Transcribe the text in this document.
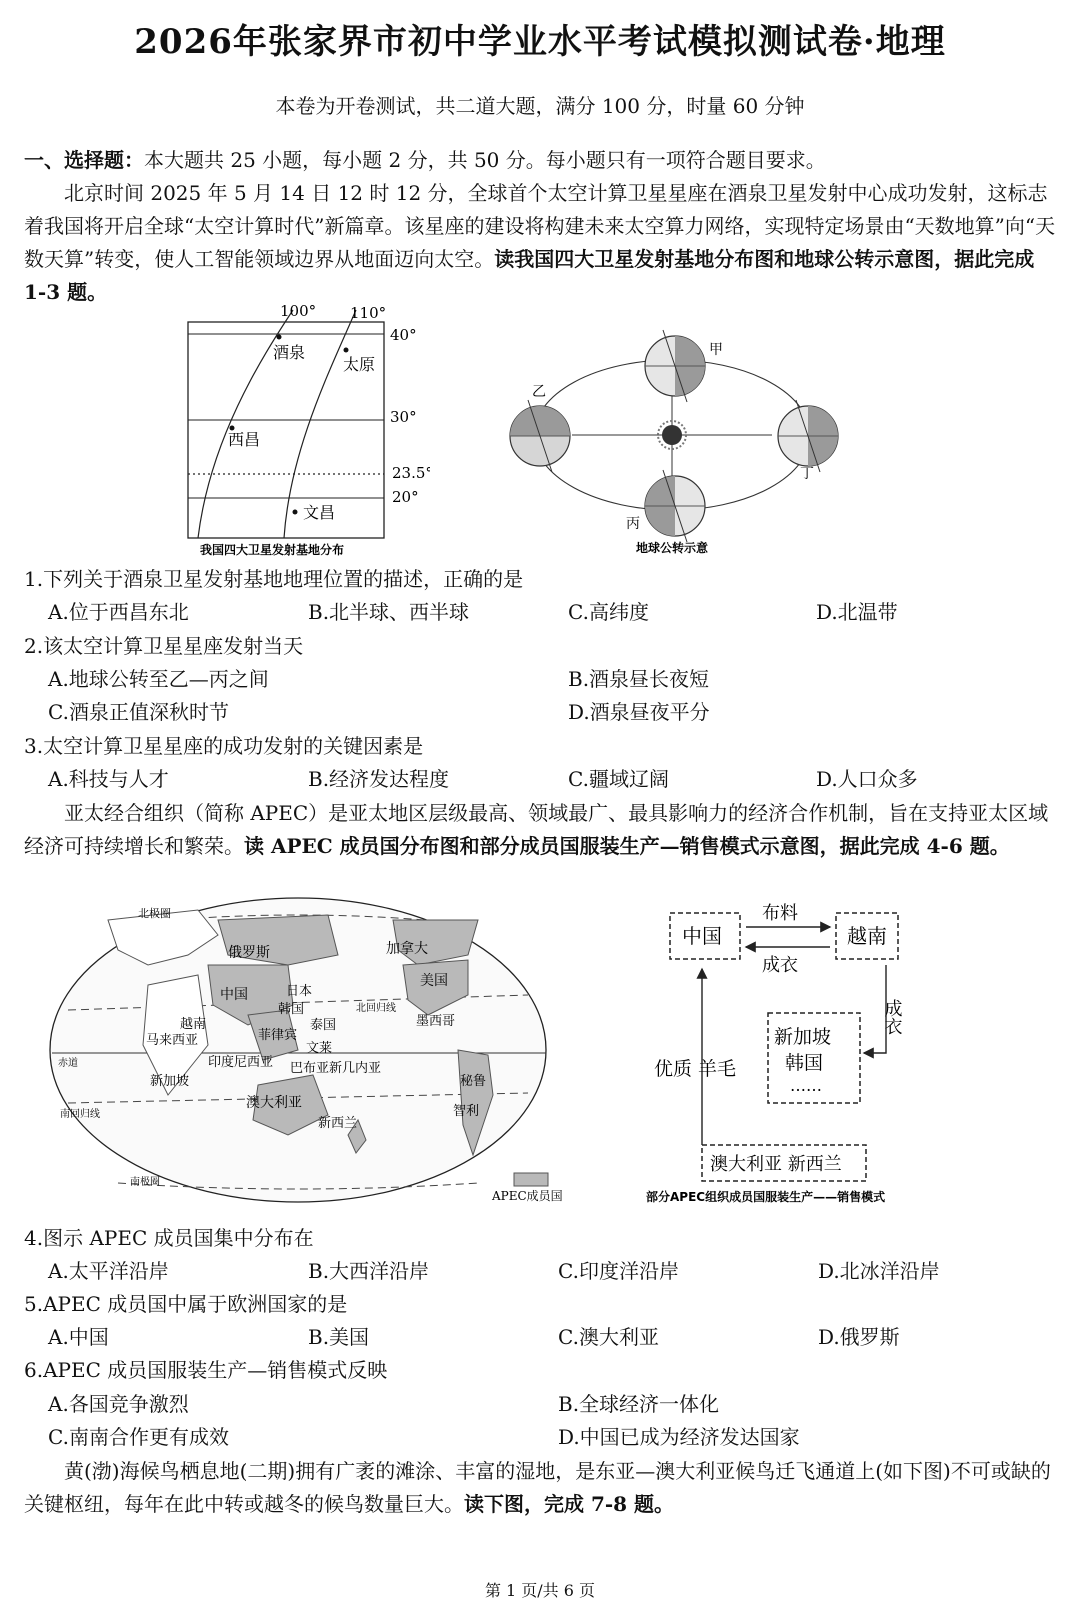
2026年张家界市初中学业水平考试模拟测试卷·地理
本卷为开卷测试，共二道大题，满分 100 分，时量 60 分钟
一、选择题：本大题共 25 小题，每小题 2 分，共 50 分。每小题只有一项符合题目要求。
北京时间 2025 年 5 月 14 日 12 时 12 分，全球首个太空计算卫星星座在酒泉卫星发射中心成功发射，这标志着我国将开启全球“太空计算时代”新篇章。该星座的建设将构建未来太空算力网络，实现特定场景由“天数地算”向“天数天算”转变，使人工智能领域边界从地面迈向太空。读我国四大卫星发射基地分布图和地球公转示意图，据此完成 1-3 题。
100° 110°
40°
30°
23.5°
20°
酒泉
太原
西昌
文昌
我国四大卫星发射基地分布
甲
乙
丙
丁
地球公转示意
1.下列关于酒泉卫星发射基地地理位置的描述，正确的是
A.位于西昌东北	B.北半球、西半球	C.高纬度	D.北温带
2.该太空计算卫星星座发射当天
A.地球公转至乙—丙之间	B.酒泉昼长夜短
C.酒泉正值深秋时节	D.酒泉昼夜平分
3.太空计算卫星星座的成功发射的关键因素是
A.科技与人才	B.经济发达程度	C.疆域辽阔	D.人口众多
亚太经合组织（简称 APEC）是亚太地区层级最高、领域最广、最具影响力的经济合作机制，旨在支持亚太区域经济可持续增长和繁荣。读 APEC 成员国分布图和部分成员国服装生产—销售模式示意图，据此完成 4-6 题。
北极圈
俄罗斯	加拿大
中国	日本
韩国
美国
北回归线
越南	泰国
菲律宾
墨西哥
马来西亚
文莱
赤道	印度尼西亚 巴布亚新几内亚
新加坡	秘鲁
澳大利亚
智利
新西兰
南回归线
南极圈
APEC成员国
中国	越南
布料
成衣
成衣
新加坡
韩国
……
优质 羊毛
澳大利亚 新西兰
部分APEC组织成员国服装生产——销售模式
4.图示 APEC 成员国集中分布在
A.太平洋沿岸	B.大西洋沿岸	C.印度洋沿岸	D.北冰洋沿岸
5.APEC 成员国中属于欧洲国家的是
A.中国	B.美国	C.澳大利亚	D.俄罗斯
6.APEC 成员国服装生产—销售模式反映
A.各国竞争激烈	B.全球经济一体化
C.南南合作更有成效	D.中国已成为经济发达国家
黄(渤)海候鸟栖息地(二期)拥有广袤的滩涂、丰富的湿地，是东亚—澳大利亚候鸟迁飞通道上(如下图)不可或缺的关键枢纽，每年在此中转或越冬的候鸟数量巨大。读下图，完成 7-8 题。
第 1 页/共 6 页
